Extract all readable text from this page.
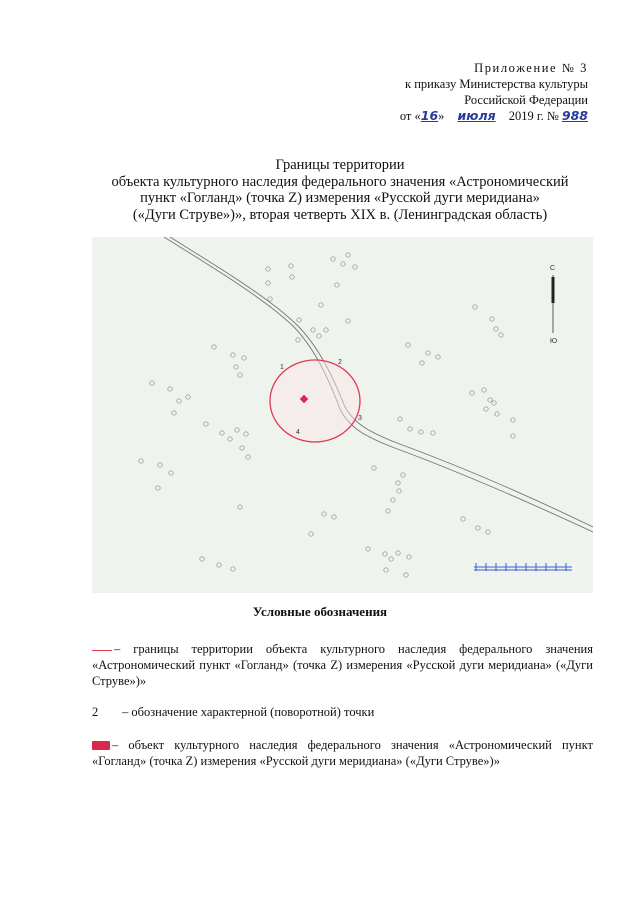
Приложение № 3
к приказу Министерства культуры
Российской Федерации
от «16» июля 2019 г. № 988
Границы территории
объекта культурного наследия федерального значения «Астрономический
пункт «Гогланд» (точка Z) измерения «Русской дуги меридиана»
(«Дуги Струве»)», вторая четверть XIX в. (Ленинградская область)
1
2
3
4
С
Ю
Условные обозначения
– границы территории объекта культурного наследия федерального значения «Астрономический пункт «Гогланд» (точка Z) измерения «Русской дуги меридиана» («Дуги Струве»)»
2 – обозначение характерной (поворотной) точки
– объект культурного наследия федерального значения «Астрономический пункт «Гогланд» (точка Z) измерения «Русской дуги меридиана» («Дуги Струве»)»
